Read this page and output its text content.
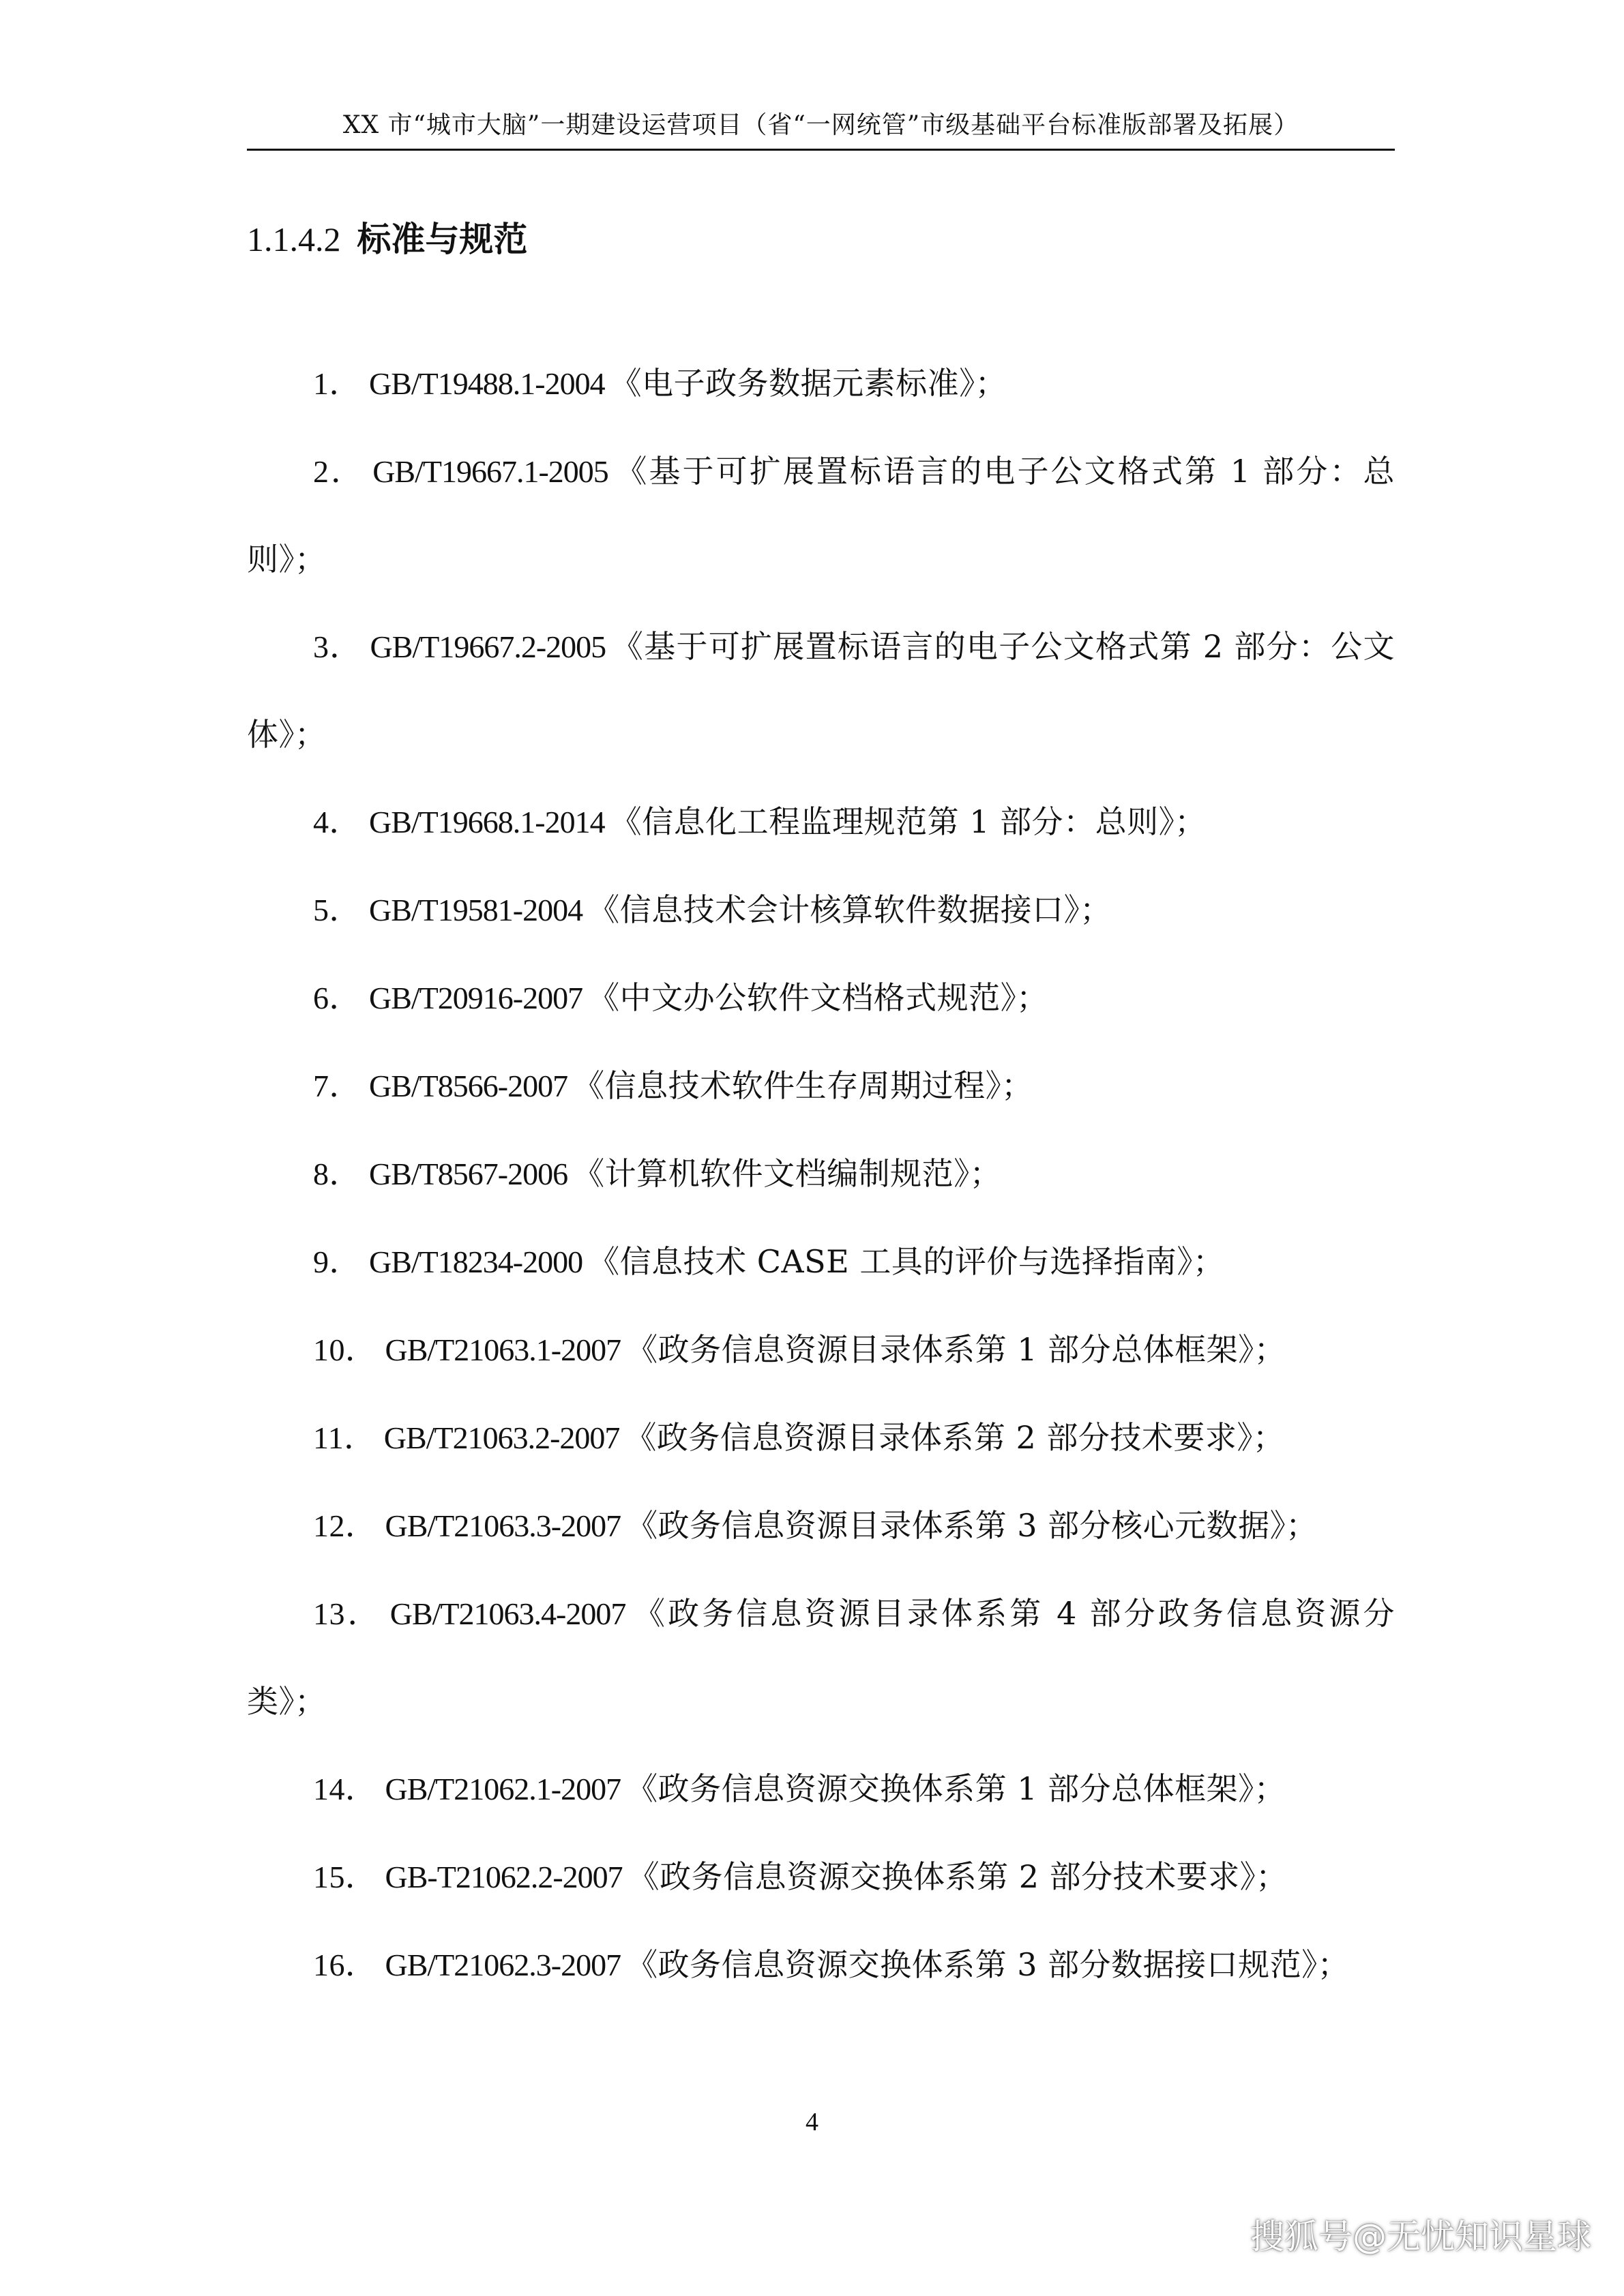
XX 市“城市大脑”一期建设运营项目（省“一网统管”市级基础平台标准版部署及拓展）
1.1.4.2 标准与规范
1． GB/T19488.1-2004 《电子政务数据元素标准》；
2． GB/T19667.1-2005 《基于可扩展置标语言的电子公文格式第 1 部分：总则》；
3． GB/T19667.2-2005 《基于可扩展置标语言的电子公文格式第 2 部分：公文体》；
4． GB/T19668.1-2014 《信息化工程监理规范第 1 部分：总则》；
5． GB/T19581-2004 《信息技术会计核算软件数据接口》；
6． GB/T20916-2007 《中文办公软件文档格式规范》；
7． GB/T8566-2007 《信息技术软件生存周期过程》；
8． GB/T8567-2006 《计算机软件文档编制规范》；
9． GB/T18234-2000 《信息技术 CASE 工具的评价与选择指南》；
10． GB/T21063.1-2007 《政务信息资源目录体系第 1 部分总体框架》；
11． GB/T21063.2-2007 《政务信息资源目录体系第 2 部分技术要求》；
12． GB/T21063.3-2007 《政务信息资源目录体系第 3 部分核心元数据》；
13． GB/T21063.4-2007 《政务信息资源目录体系第 4 部分政务信息资源分类》；
14． GB/T21062.1-2007 《政务信息资源交换体系第 1 部分总体框架》；
15． GB-T21062.2-2007 《政务信息资源交换体系第 2 部分技术要求》；
16． GB/T21062.3-2007 《政务信息资源交换体系第 3 部分数据接口规范》；
4
搜狐号@无忧知识星球
